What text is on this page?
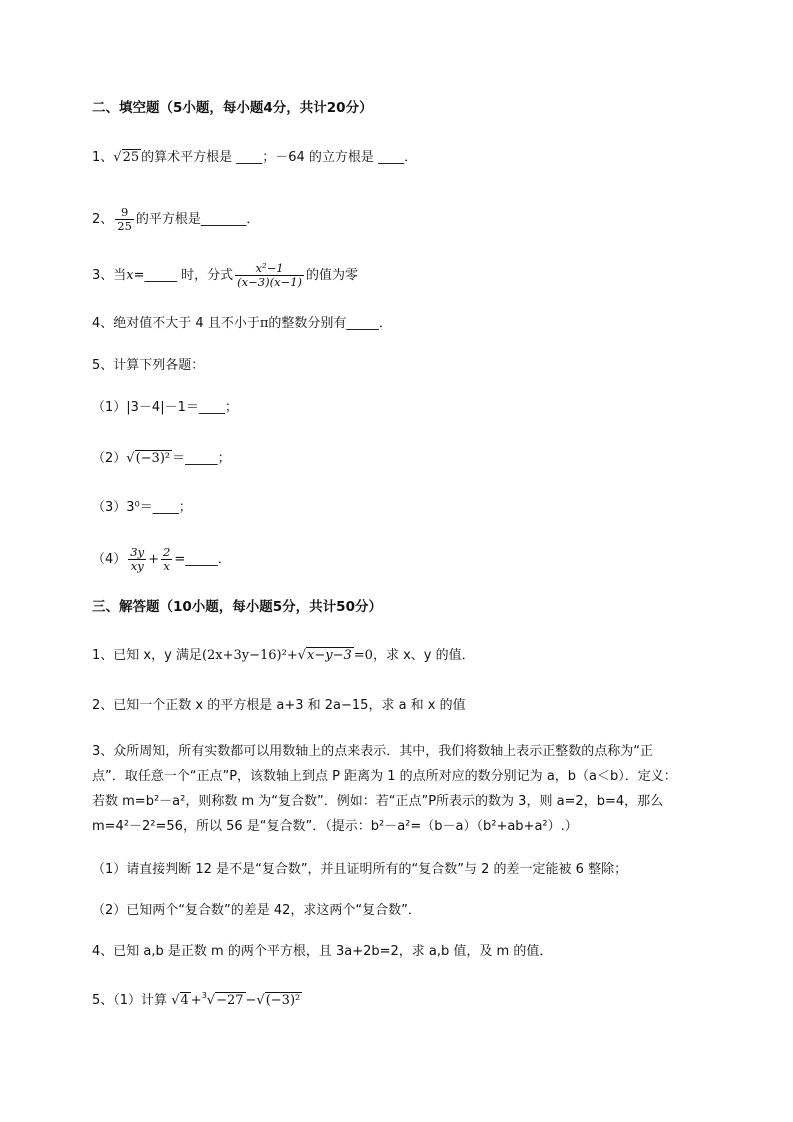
二、填空题（5小题，每小题4分，共计20分）
1、√25 的算术平方根是 ____；－64 的立方根是 ____．
2、 $\frac{9}{25}$ 的平方根是_______．
3、当x=_____ 时，分式 $\frac{\text{x²−1}}{(x-3)(x-1)}$ 的值为零
4、绝对值不大于 4 且不小于π的整数分别有_____．
5、计算下列各题：
（1）|3－4|－1＝____；
（2）√(−3)² ＝_____；
（3）3⁰＝____；
$(4) \frac{3y}{xy} + \frac{2}{x}$ =_____．
三、解答题（10小题，每小题5分，共计50分）
1、已知 x，y 满足(2x+3y−16)²+√x−y−3 =0，求 x、y 的值．
2、已知一个正数 x 的平方根是 a+3 和 2a−15，求 a 和 x 的值
3、众所周知，所有实数都可以用数轴上的点来表示．其中，我们将数轴上表示正整数的点称为“正
点”．取任意一个“正点”P，该数轴上到点 P 距离为 1 的点所对应的数分别记为 a，b（a＜b）．定义：
若数 m=b²－a²，则称数 m 为“复合数”．例如：若“正点”P所表示的数为 3，则 a=2，b=4，那么
m=4²－2²=56，所以 56 是“复合数”．（提示：b²－a²=（b－a）（b²+ab+a²）.）
（1）请直接判断 12 是不是“复合数”，并且证明所有的“复合数”与 2 的差一定能被 6 整除；
（2）已知两个“复合数”的差是 42，求这两个“复合数”．
4、已知 a,b 是正数 m 的两个平方根，且 3a+2b=2，求 a,b 值，及 m 的值．
5、（1）计算 √4 +$^3$√−27 −√(−3)²
